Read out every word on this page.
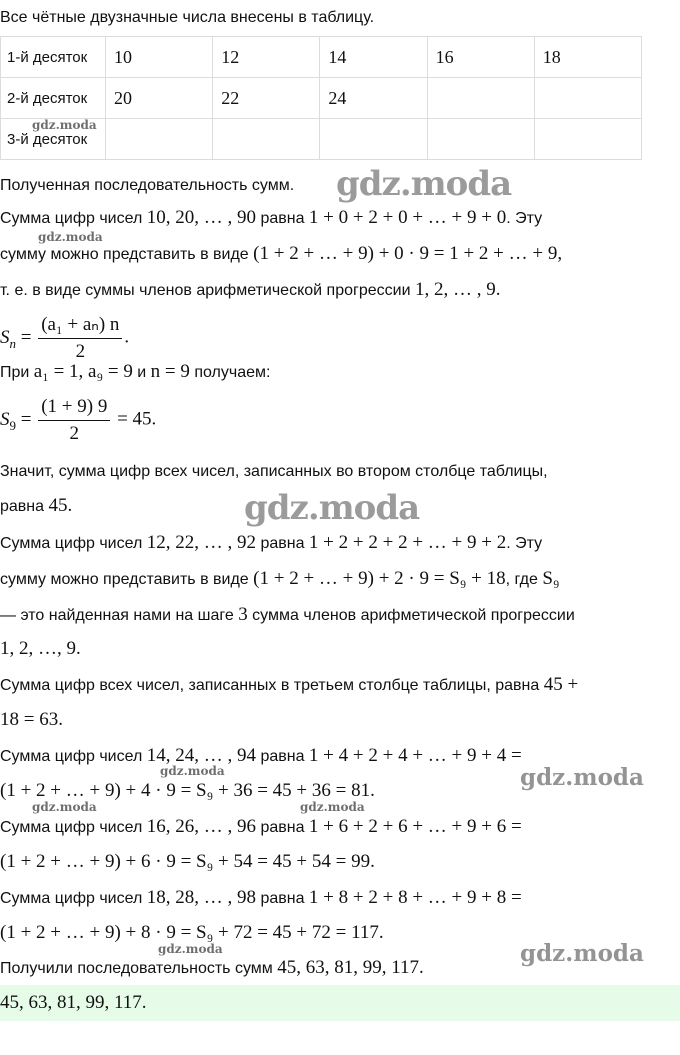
Все чётные двузначные числа внесены в таблицу.
1-й десяток	10	12	14	16	18
2-й десяток	20	22	24		
3-й десяток					
Полученная последовательность сумм.
Сумма цифр чисел 10, 20, … , 90 равна 1 + 0 + 2 + 0 + … + 9 + 0. Эту
сумму можно представить в виде (1 + 2 + … + 9) + 0 · 9 = 1 + 2 + … + 9,
т. е. в виде суммы членов арифметической прогрессии 1, 2, … , 9.
$S_n = \frac{\text{(a₁ + aₙ) n}}{2}$ .
При a₁ = 1, a₉ = 9 и n = 9 получаем:
$S_9 = \frac{(1 + 9) 9}{2} = 45$.
Значит, сумма цифр всех чисел, записанных во втором столбце таблицы,
равна 45.
Сумма цифр чисел 12, 22, … , 92 равна 1 + 2 + 2 + 2 + … + 9 + 2. Эту
сумму можно представить в виде (1 + 2 + … + 9) + 2 · 9 = S₉ + 18, где S₉
— это найденная нами на шаге 3 сумма членов арифметической прогрессии
1, 2, …, 9.
Сумма цифр всех чисел, записанных в третьем столбце таблицы, равна 45 +
18 = 63.
Сумма цифр чисел 14, 24, … , 94 равна 1 + 4 + 2 + 4 + … + 9 + 4 =
(1 + 2 + … + 9) + 4 · 9 = S₉ + 36 = 45 + 36 = 81.
Сумма цифр чисел 16, 26, … , 96 равна 1 + 6 + 2 + 6 + … + 9 + 6 =
(1 + 2 + … + 9) + 6 · 9 = S₉ + 54 = 45 + 54 = 99.
Сумма цифр чисел 18, 28, … , 98 равна 1 + 8 + 2 + 8 + … + 9 + 8 =
(1 + 2 + … + 9) + 8 · 9 = S₉ + 72 = 45 + 72 = 117.
Получили последовательность сумм 45, 63, 81, 99, 117.
45, 63, 81, 99, 117.
gdz.moda
gdz.moda
gdz.moda
gdz.moda
gdz.moda	gdz.moda
gdz.moda	gdz.moda
gdz.moda	gdz.moda
